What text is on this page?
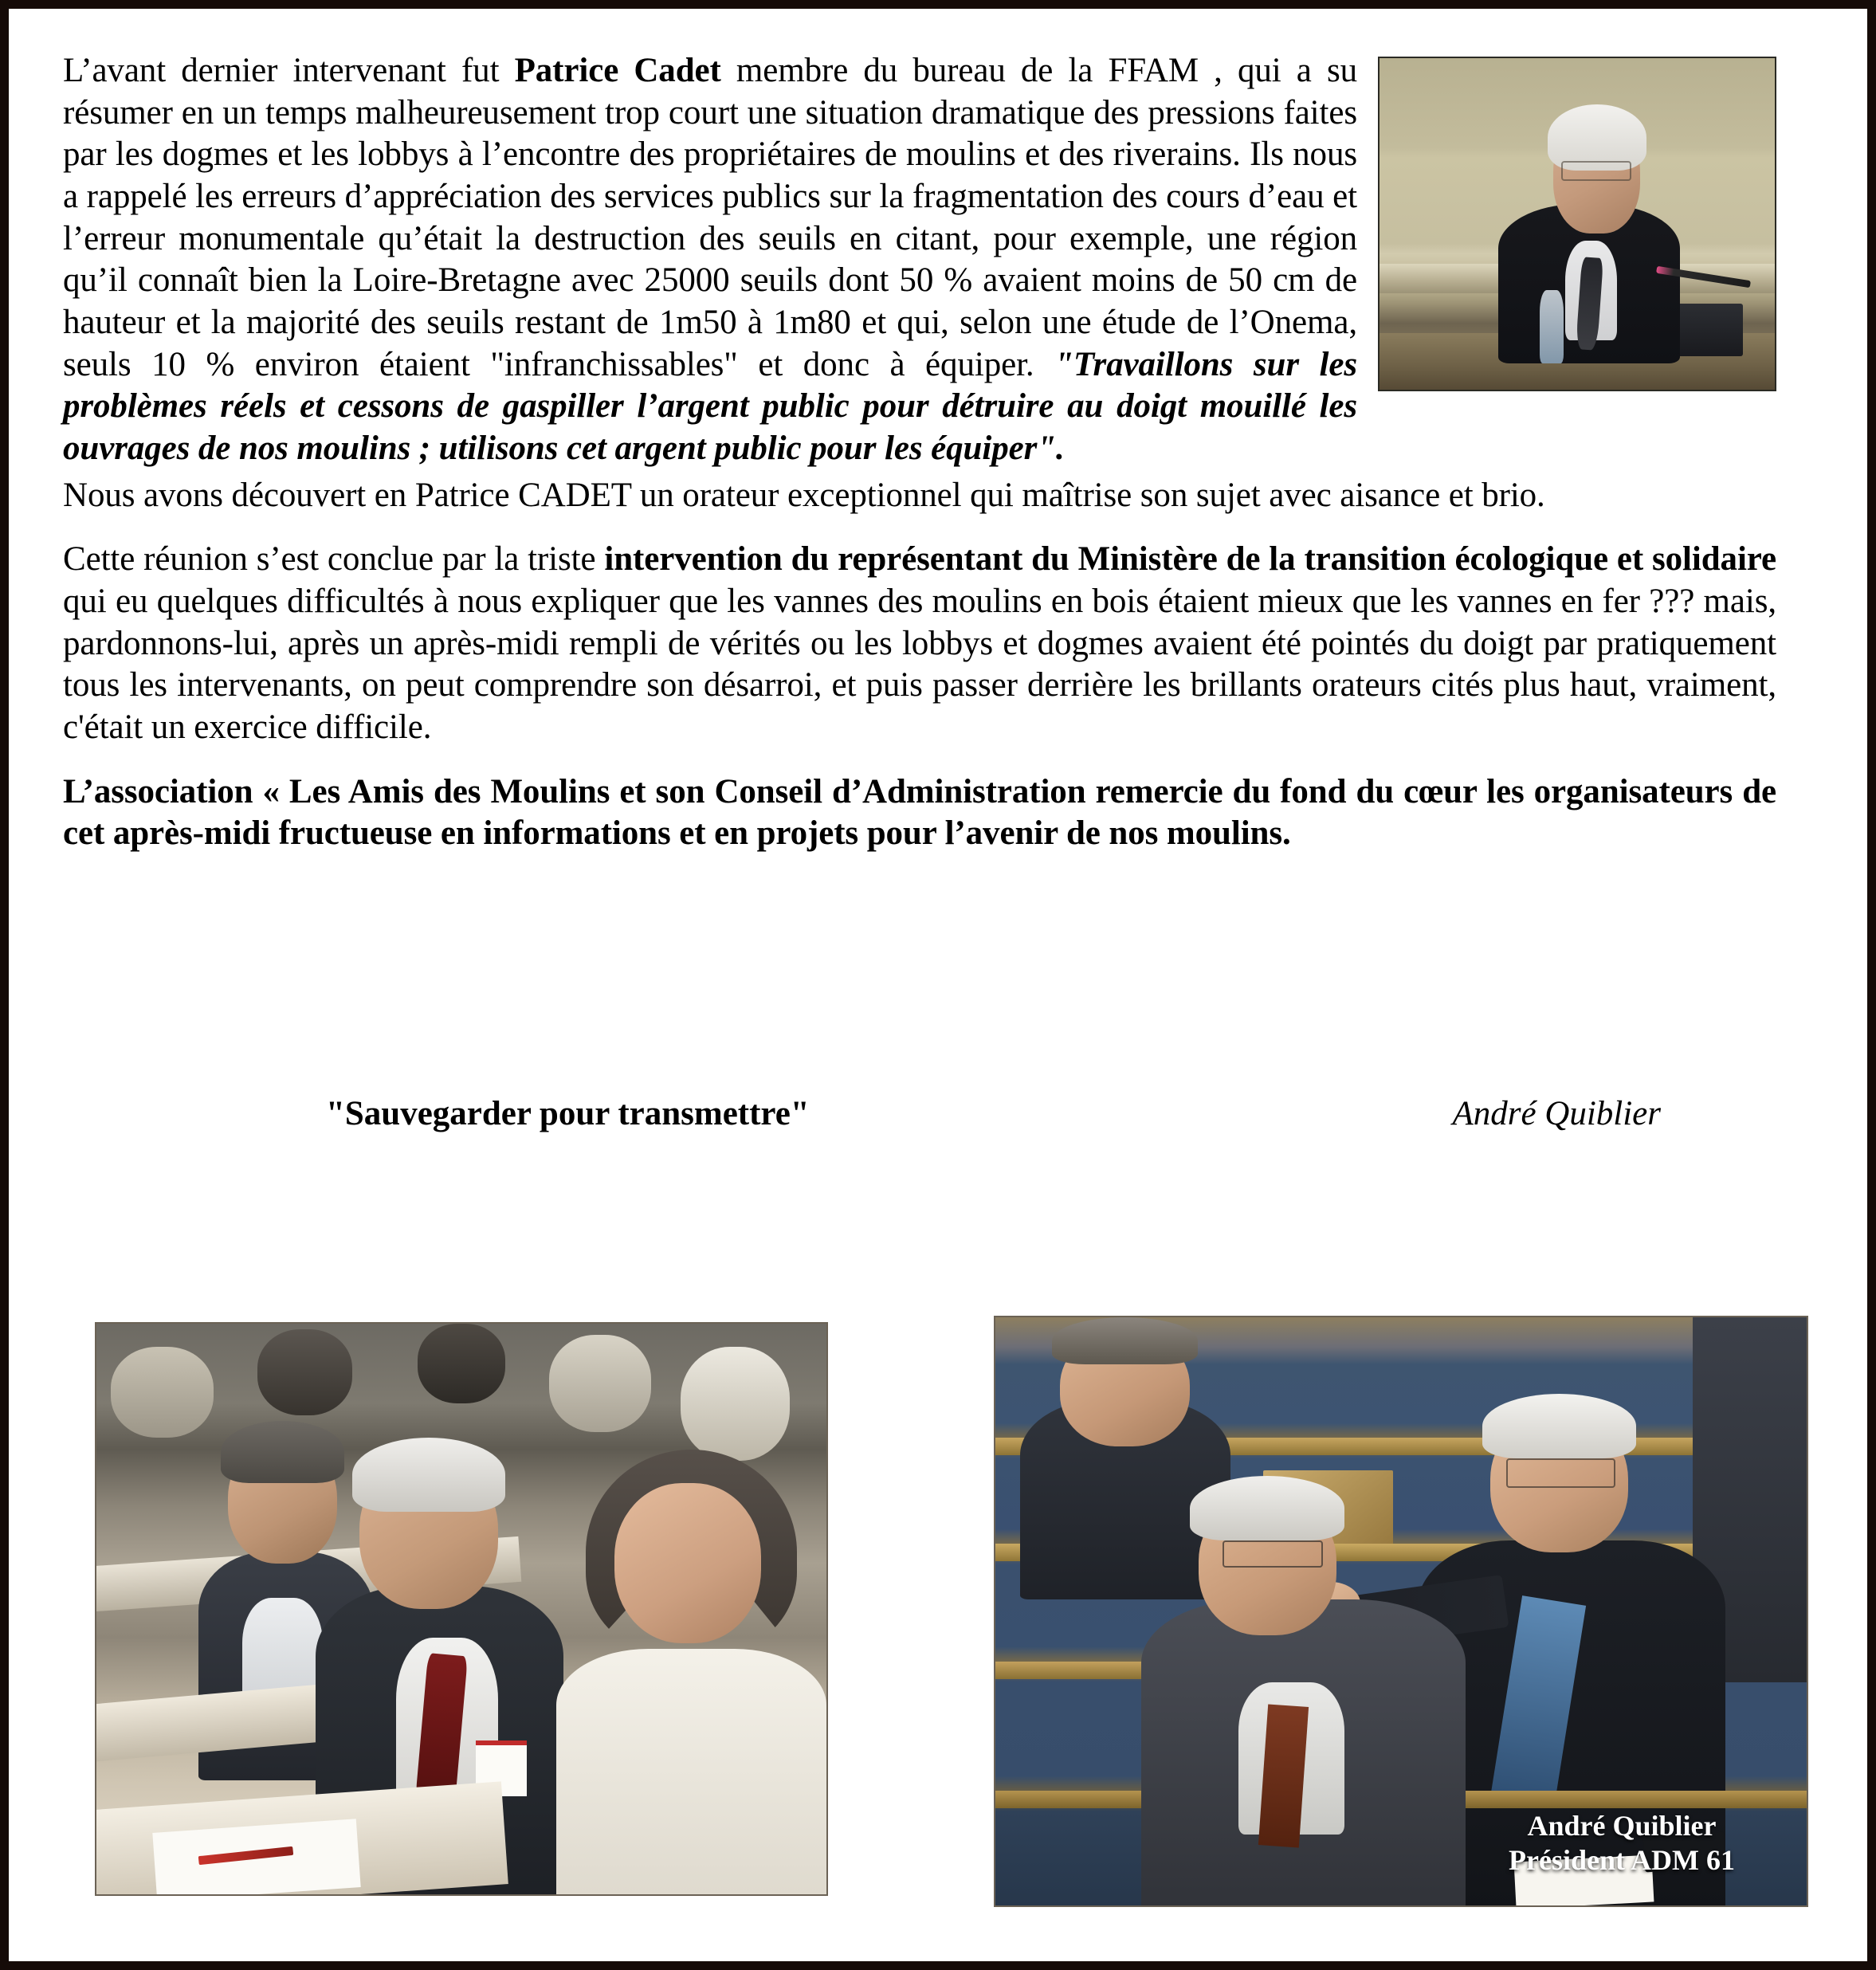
L’avant dernier intervenant fut Patrice Cadet membre du bureau de la FFAM , qui a su résumer en un temps malheureusement trop court une situation dramatique des pressions faites par les dogmes et les lobbys à l’encontre des propriétaires de moulins et des riverains. Ils nous a rappelé les erreurs d’appréciation des services publics sur la fragmentation des cours d’eau et l’erreur monumentale qu’était la destruction des seuils en citant, pour exemple, une région qu’il connaît bien la Loire-Bretagne avec 25000 seuils dont 50 % avaient moins de 50 cm de hauteur et la majorité des seuils restant de 1m50 à 1m80 et qui, selon une étude de l’Onema, seuls 10 % environ étaient "infranchissables" et donc à équiper. "Travaillons sur les problèmes réels et cessons de gaspiller l’argent public pour détruire au doigt mouillé les ouvrages de nos moulins ; utilisons cet argent public pour les équiper".

Nous avons découvert en Patrice CADET un orateur exceptionnel qui maîtrise son sujet avec aisance et brio.

Cette réunion s’est conclue par la triste intervention du représentant du Ministère de la transition écologique et solidaire qui eu quelques difficultés à nous expliquer que les vannes des moulins en bois étaient mieux que les vannes en fer ??? mais, pardonnons-lui, après un après-midi rempli de vérités ou les lobbys et dogmes avaient été pointés du doigt par pratiquement tous les intervenants, on peut comprendre son désarroi, et puis passer derrière les brillants orateurs cités plus haut, vraiment, c'était un exercice difficile.

L’association « Les Amis des Moulins et son Conseil d’Administration remercie du fond du cœur les organisateurs de cet après-midi fructueuse en informations et en projets pour l’avenir de nos moulins.

"Sauvegarder pour transmettre"	André Quiblier
André Quiblier
Président ADM 61
